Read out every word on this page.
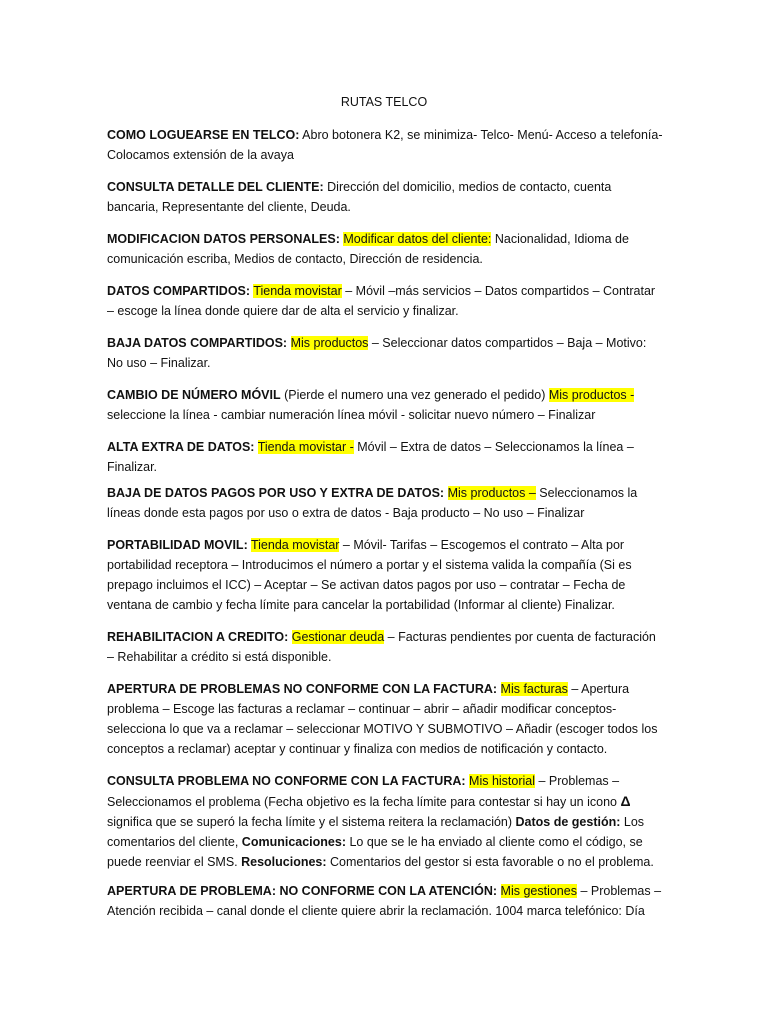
RUTAS TELCO

COMO LOGUEARSE EN TELCO: Abro botonera K2, se minimiza- Telco- Menú- Acceso a telefonía-Colocamos extensión de la avaya

CONSULTA DETALLE DEL CLIENTE: Dirección del domicilio, medios de contacto, cuenta bancaria, Representante del cliente, Deuda.

MODIFICACION DATOS PERSONALES: Modificar datos del cliente: Nacionalidad, Idioma de comunicación escriba, Medios de contacto, Dirección de residencia.

DATOS COMPARTIDOS: Tienda movistar – Móvil –más servicios – Datos compartidos – Contratar – escoge la línea donde quiere dar de alta el servicio y finalizar.

BAJA DATOS COMPARTIDOS: Mis productos – Seleccionar datos compartidos – Baja – Motivo: No uso – Finalizar.

CAMBIO DE NÚMERO MÓVIL (Pierde el numero una vez generado el pedido) Mis productos - seleccione la línea - cambiar numeración línea móvil - solicitar nuevo número – Finalizar

ALTA EXTRA DE DATOS: Tienda movistar - Móvil – Extra de datos – Seleccionamos la línea – Finalizar.

BAJA DE DATOS PAGOS POR USO Y EXTRA DE DATOS: Mis productos – Seleccionamos la líneas donde esta pagos por uso o extra de datos - Baja producto – No uso – Finalizar

PORTABILIDAD MOVIL: Tienda movistar – Móvil- Tarifas – Escogemos el contrato – Alta por portabilidad receptora – Introducimos el número a portar y el sistema valida la compañía (Si es prepago incluimos el ICC) – Aceptar – Se activan datos pagos por uso – contratar – Fecha de ventana de cambio y fecha límite para cancelar la portabilidad (Informar al cliente) Finalizar.

REHABILITACION A CREDITO: Gestionar deuda – Facturas pendientes por cuenta de facturación – Rehabilitar a crédito si está disponible.

APERTURA DE PROBLEMAS NO CONFORME CON LA FACTURA: Mis facturas – Apertura problema – Escoge las facturas a reclamar – continuar – abrir – añadir modificar conceptos- selecciona lo que va a reclamar – seleccionar MOTIVO Y SUBMOTIVO – Añadir (escoger todos los conceptos a reclamar) aceptar y continuar y finaliza con medios de notificación y contacto.

CONSULTA PROBLEMA NO CONFORME CON LA FACTURA: Mis historial – Problemas – Seleccionamos el problema (Fecha objetivo es la fecha límite para contestar si hay un icono Δ significa que se superó la fecha límite y el sistema reitera la reclamación) Datos de gestión: Los comentarios del cliente, Comunicaciones: Lo que se le ha enviado al cliente como el código, se puede reenviar el SMS. Resoluciones: Comentarios del gestor si esta favorable o no el problema.

APERTURA DE PROBLEMA: NO CONFORME CON LA ATENCIÓN: Mis gestiones – Problemas – Atención recibida – canal donde el cliente quiere abrir la reclamación. 1004 marca telefónico: Día
